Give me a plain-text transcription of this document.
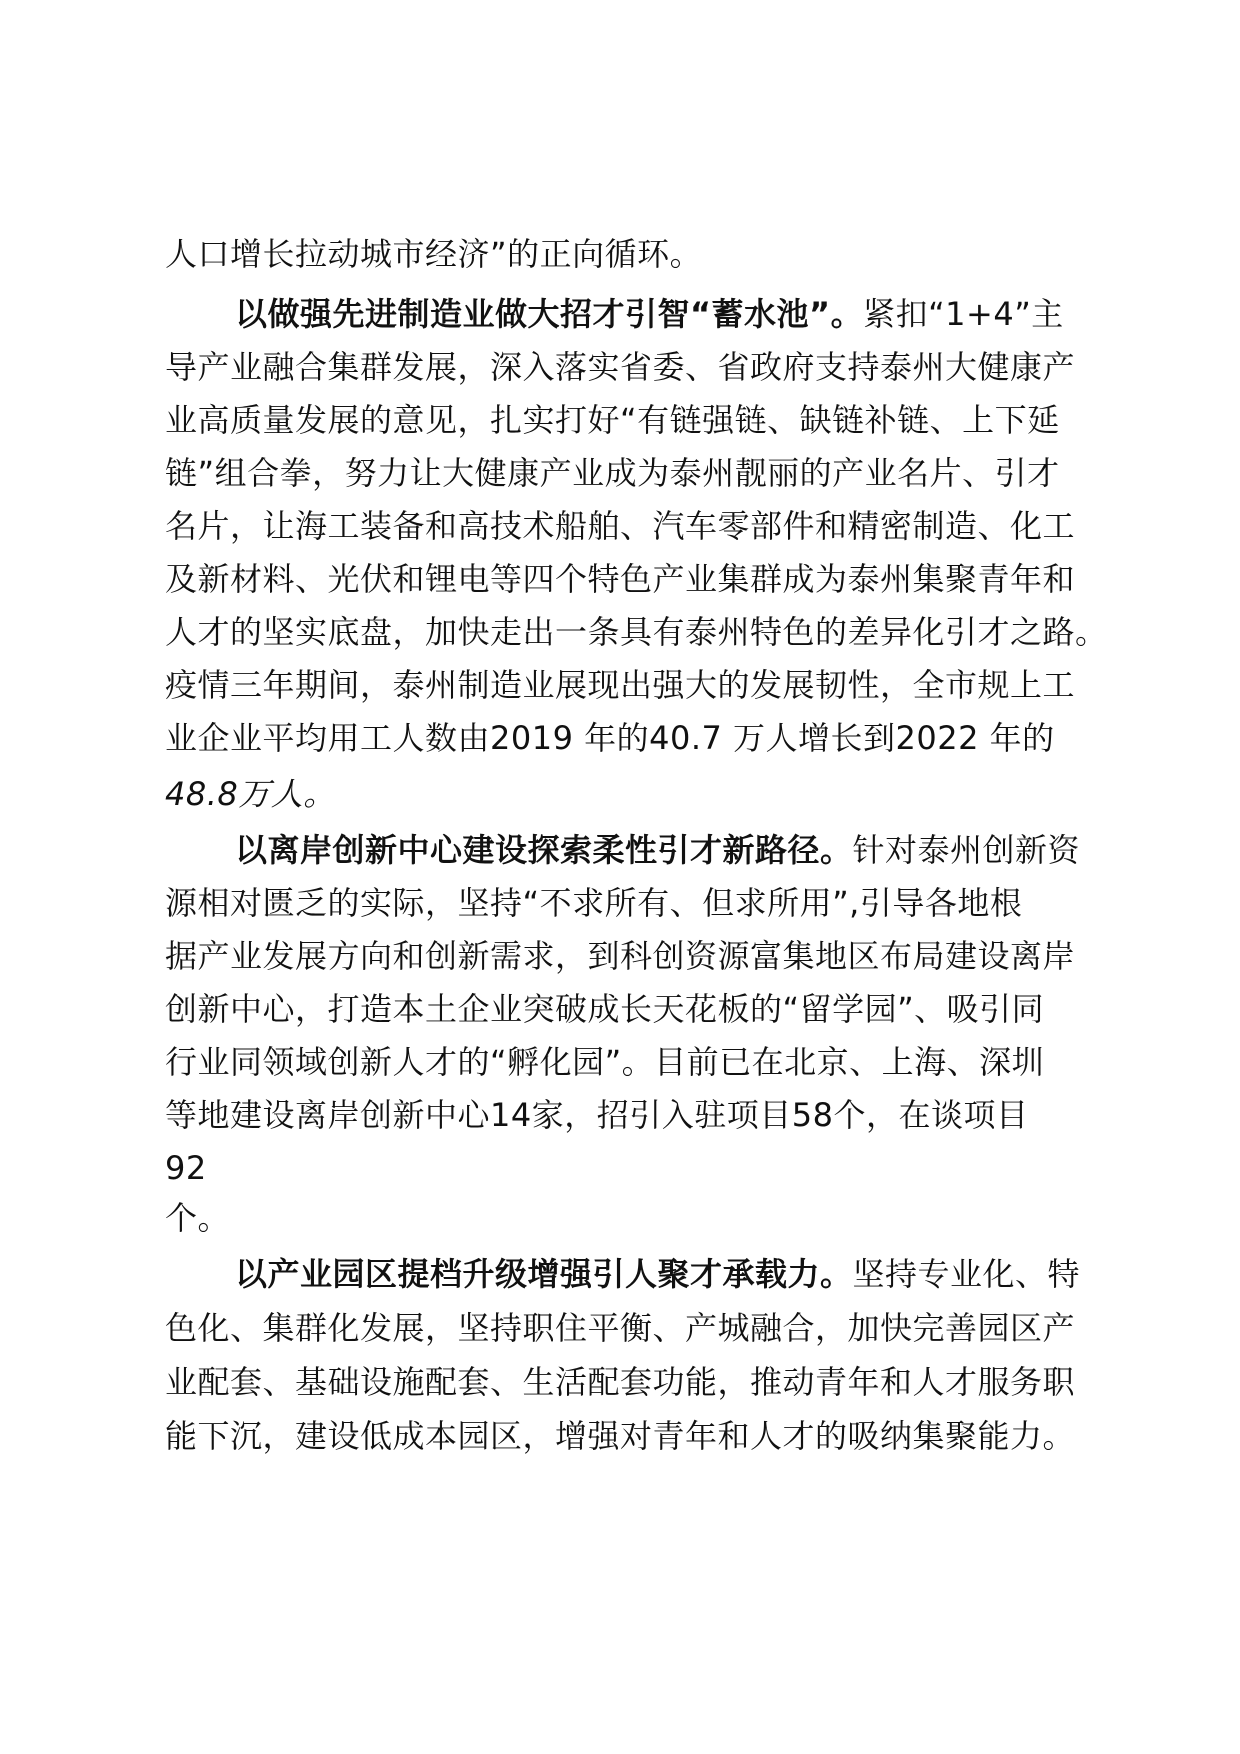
人口增长拉动城市经济”的正向循环。
以做强先进制造业做大招才引智“蓄水池”。紧扣“1+4”主
导产业融合集群发展，深入落实省委、省政府支持泰州大健康产
业高质量发展的意见，扎实打好“有链强链、缺链补链、上下延
链”组合拳，努力让大健康产业成为泰州靓丽的产业名片、引才
名片，让海工装备和高技术船舶、汽车零部件和精密制造、化工
及新材料、光伏和锂电等四个特色产业集群成为泰州集聚青年和
人才的坚实底盘，加快走出一条具有泰州特色的差异化引才之路。
疫情三年期间，泰州制造业展现出强大的发展韧性，全市规上工
业企业平均用工人数由2019 年的40.7 万人增长到2022 年的
48.8万人。
以离岸创新中心建设探索柔性引才新路径。针对泰州创新资
源相对匮乏的实际，坚持“不求所有、但求所用”,引导各地根
据产业发展方向和创新需求，到科创资源富集地区布局建设离岸
创新中心，打造本土企业突破成长天花板的“留学园”、吸引同
行业同领域创新人才的“孵化园”。目前已在北京、上海、深圳
等地建设离岸创新中心14家，招引入驻项目58个，在谈项目
92
个。
以产业园区提档升级增强引人聚才承载力。坚持专业化、特
色化、集群化发展，坚持职住平衡、产城融合，加快完善园区产
业配套、基础设施配套、生活配套功能，推动青年和人才服务职
能下沉，建设低成本园区，增强对青年和人才的吸纳集聚能力。
